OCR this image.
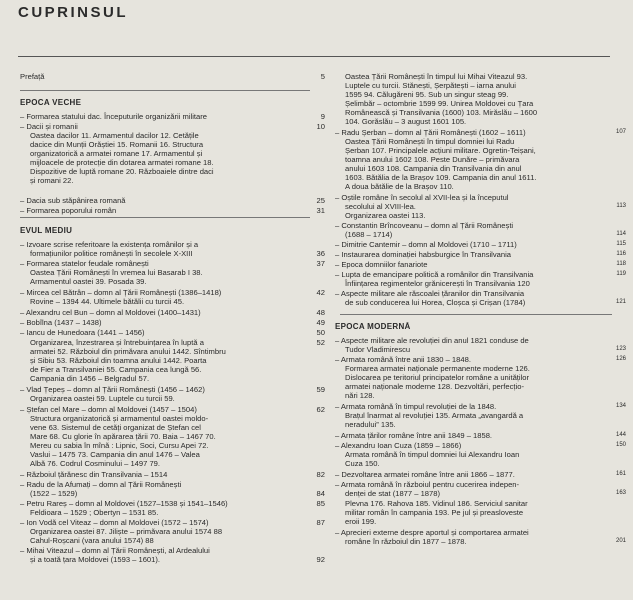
CUPRINSUL
Prefață
EPOCA VECHE
– Formarea statului dac. Începuturile organizării militare
– Dacii și romanii
Oastea dacilor 11. Armamentul dacilor 12. Cetățile
dacice din Munții Orăștiei 15. Romanii 16. Structura
organizatorică a armatei romane 17. Armamentul și
mijloacele de protecție din dotarea armatei romane 18.
Dispozitive de luptă romane 20. Războaiele dintre daci
și romani 22.
– Dacia sub stăpânirea romană
– Formarea poporului român
EVUL MEDIU
– Izvoare scrise referitoare la existența românilor și a
formațiunilor politice românești în secolele X-XIII
– Formarea statelor feudale românești
Oastea Țării Românești în vremea lui Basarab I 38.
Armamentul oastei 39. Posada 39.
– Mircea cel Bătrân – domn al Țării Românești (1386–1418)
Rovine – 1394 44. Ultimele bătălii cu turcii 45.
– Alexandru cel Bun – domn al Moldovei (1400–1431)
– Bobîlna (1437 – 1438)
– Iancu de Hunedoara (1441 – 1456)
Organizarea, înzestrarea și întrebuințarea în luptă a
armatei 52. Războiul din primăvara anului 1442. Sîntimbru
și Sibiu 53. Războiul din toamna anului 1442. Poarta
de Fier a Transilvaniei 55. Campania cea lungă 56.
Campania din 1456 – Belgradul 57.
– Vlad Țepeș – domn al Țării Românești (1456 – 1462)
Organizarea oastei 59. Luptele cu turcii 59.
– Ștefan cel Mare – domn al Moldovei (1457 – 1504)
Structura organizatorică și armamentul oastei moldo-
vene 63. Sistemul de cetăți organizat de Ștefan cel
Mare 68. Cu glorie în apărarea țării 70. Baia – 1467 70.
Mereu cu sabia în mînă : Lipnic, Soci, Cursu Apei 72.
Vaslui – 1475 73. Campania din anul 1476 – Valea
Albă 76. Codrul Cosminului – 1497 79.
– Războiul țărănesc din Transilvania – 1514
– Radu de la Afumați – domn al Țării Românești
(1522 – 1529)
– Petru Rareș – domn al Moldovei (1527–1538 și 1541–1546)
Feldioara – 1529 ; Obertyn – 1531 85.
– Ion Vodă cel Viteaz – domn al Moldovei (1572 – 1574)
Organizarea oastei 87. Jiliște – primăvara anului 1574 88
Cahul-Roșcani (vara anului 1574) 88
– Mihai Viteazul – domn al Țării Românești, al Ardealului
și a toată țara Moldovei (1593 – 1601).
Oastea Țării Românești în timpul lui Mihai Viteazul 93.
Luptele cu turcii. Stănești, Șerpătești – iarna anului
1595 94. Călugăreni 95. Sub un singur steag 99.
Șelimbăr – octombrie 1599 99. Unirea Moldovei cu Țara
Românească și Transilvania (1600) 103. Mirăslău – 1600
104. Gorăslău – 3 august 1601 105.
– Radu Șerban – domn al Țării Românești (1602 – 1611)
Oastea Țării Românești în timpul domniei lui Radu
Șerban 107. Principalele acțiuni militare. Ogretin-Teișani,
toamna anului 1602 108. Peste Dunăre – primăvara
anului 1603 108. Campania din Transilvania din anul
1603. Bătălia de la Brașov 109. Campania din anul 1611.
A doua bătălie de la Brașov 110.
– Oștile române în secolul al XVII-lea și la începutul
secolului al XVIII-lea.
Organizarea oastei 113.
– Constantin Brîncoveanu – domn al Țării Românești
(1688 – 1714)
– Dimitrie Cantemir – domn al Moldovei (1710 – 1711)
– Instaurarea dominației habsburgice în Transilvania
– Epoca domniilor fanariote
– Lupta de emancipare politică a românilor din Transilvania
Înființarea regimentelor grănicerești în Transilvania 120
– Aspecte militare ale răscoalei țăranilor din Transilvania
de sub conducerea lui Horea, Cloșca și Crișan (1784)
EPOCA MODERNĂ
– Aspecte militare ale revoluției din anul 1821 conduse de
Tudor Vladimirescu
– Armata română între anii 1830 – 1848.
Formarea armatei naționale permanente moderne 126.
Dislocarea pe teritoriul principatelor române a unităților
armatei naționale moderne 128. Dezvoltări, perfecțio-
nări 128.
– Armata română în timpul revoluției de la 1848.
Brațul înarmat al revoluției 135. Armata „avangardă a
neradului” 135.
– Armata țărilor române între anii 1849 – 1858.
– Alexandru Ioan Cuza (1859 – 1866)
Armata română în timpul domniei lui Alexandru Ioan
Cuza 150.
– Dezvoltarea armatei române între anii 1866 – 1877.
– Armata română în războiul pentru cucerirea indepen-
denței de stat (1877 – 1878)
Plevna 176. Rahova 185. Vidinul 186. Serviciul sanitar
militar român în campania 193. Pe jul și preasloveste
eroii 199.
– Aprecieri externe despre aportul și comportarea armatei
române în războiul din 1877 – 1878.
5
9
10
25
31
36
37
42
48
49
50
52
59
62
82
84
85
87
92
107
113
114
115
116
118
119
121
123
126
134
144
150
161
163
201
